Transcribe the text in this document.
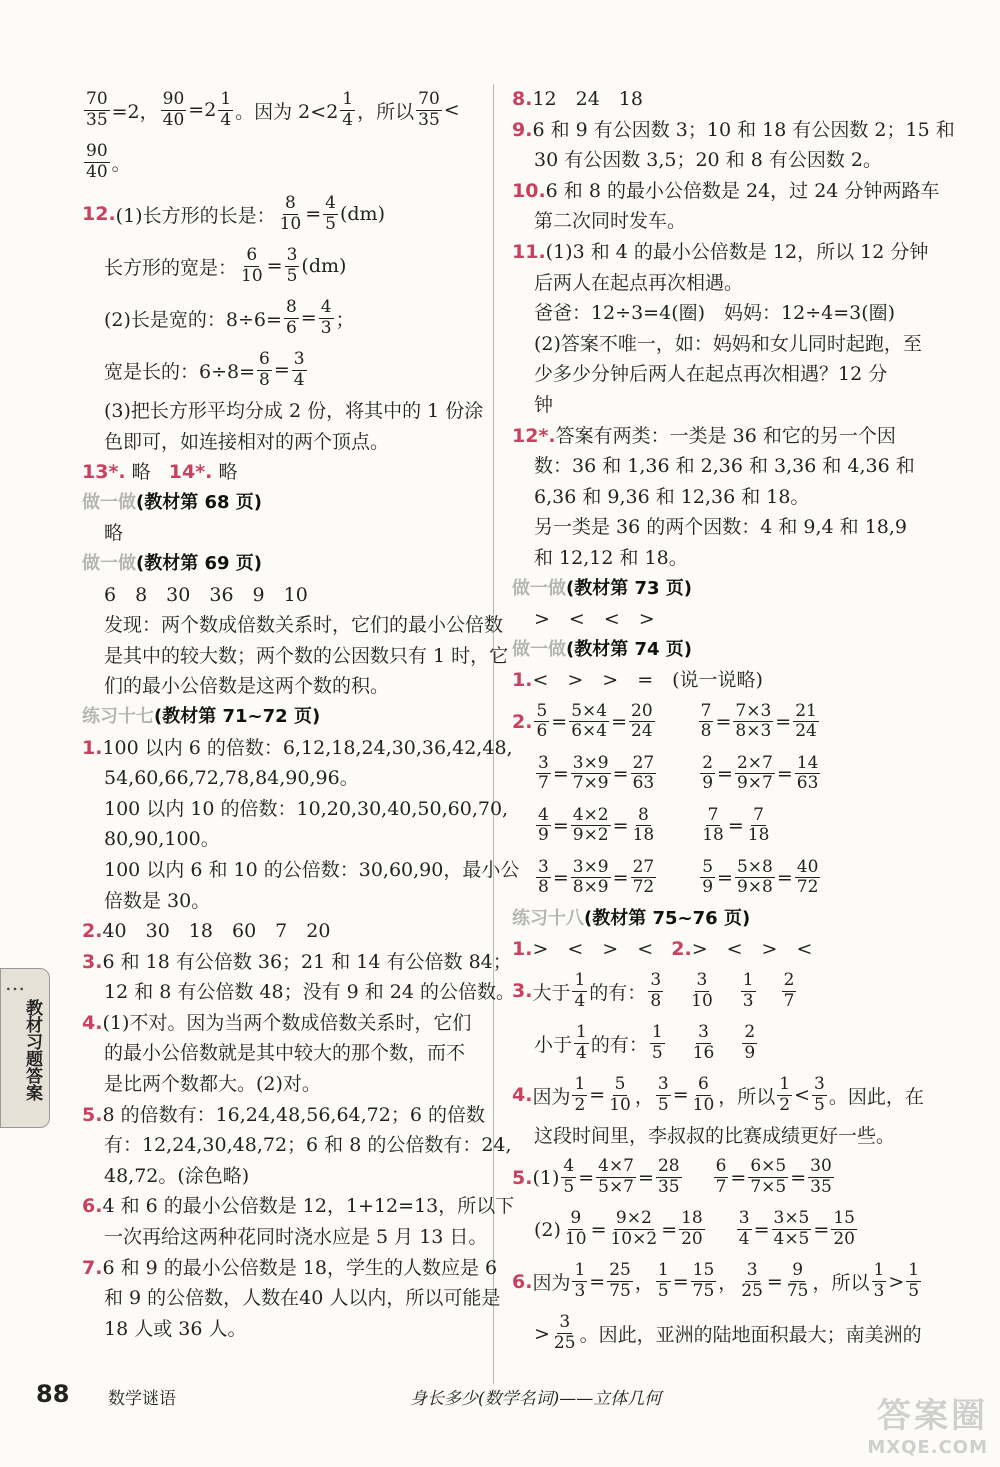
$\frac{70}{35} =2$， $\frac{90}{40} =2 \frac{1}{4}$ 。因为 $2<2 \frac{1}{4}$ ，所以 $\frac{70}{35}$ <
$\frac{90}{40}$ 。
12. (1)长方形的长是： $\frac{8}{10} = \frac{4}{5} (dm)$
长方形的宽是： $\frac{6}{10} = \frac{3}{5} (dm)$
(2)长是宽的：$8\div 6= \frac{8}{6} = \frac{4}{3}$ ；
宽是长的：$6\div 8= \frac{6}{8} = \frac{3}{4}$
(3)把长方形平均分成 2 份，将其中的 1 份涂
色即可，如连接相对的两个顶点。
13*. 略 14*. 略
做一做(教材第 68 页)
略
做一做(教材第 69 页)
6　8　30　36　9　10
发现：两个数成倍数关系时，它们的最小公倍数
是其中的较大数；两个数的公因数只有 1 时，它
们的最小公倍数是这两个数的积。
练习十七(教材第 71~72 页)
1.100 以内 6 的倍数：6,12,18,24,30,36,42,48,
54,60,66,72,78,84,90,96。
100 以内 10 的倍数：10,20,30,40,50,60,70,
80,90,100。
100 以内 6 和 10 的公倍数：30,60,90，最小公
倍数是 30。
2.40　30　18　60　7　20
3.6 和 18 有公倍数 36；21 和 14 有公倍数 84；
12 和 8 有公倍数 48；没有 9 和 24 的公倍数。
4.(1)不对。因为当两个数成倍数关系时，它们
的最小公倍数就是其中较大的那个数，而不
是比两个数都大。(2)对。
5.8 的倍数有：16,24,48,56,64,72；6 的倍数
有：12,24,30,48,72；6 和 8 的公倍数有：24,
48,72。(涂色略)
6.4 和 6 的最小公倍数是 12，1+12=13，所以下
一次再给这两种花同时浇水应是 5 月 13 日。
7.6 和 9 的最小公倍数是 18，学生的人数应是 6
和 9 的公倍数，人数在40 人以内，所以可能是
18 人或 36 人。
8.12　24　18
9.6 和 9 有公因数 3；10 和 18 有公因数 2；15 和
30 有公因数 3,5；20 和 8 有公因数 2。
10.6 和 8 的最小公倍数是 24，过 24 分钟两路车
第二次同时发车。
11.(1)3 和 4 的最小公倍数是 12，所以 12 分钟
后两人在起点再次相遇。
爸爸：12÷3=4(圈)　妈妈：12÷4=3(圈)
(2)答案不唯一，如：妈妈和女儿同时起跑，至
少多少分钟后两人在起点再次相遇？12 分
钟
12*.答案有两类：一类是 36 和它的另一个因
数：36 和 1,36 和 2,36 和 3,36 和 4,36 和
6,36 和 9,36 和 12,36 和 18。
另一类是 36 的两个因数：4 和 9,4 和 18,9
和 12,12 和 18。
做一做(教材第 73 页)
>　<　<　>
做一做(教材第 74 页)
1.<　>　>　=　(说一说略)
2. $\frac{5}{6} = \frac{5\times 4}{6\times 4} = \frac{20}{24}$	$\frac{7}{8} = \frac{7\times 3}{8\times 3} = \frac{21}{24}$
$\frac{3}{7} = \frac{3\times 9}{7\times 9} = \frac{27}{63}$	$\frac{2}{9} = \frac{2\times 7}{9\times 7} = \frac{14}{63}$
$\frac{4}{9} = \frac{4\times 2}{9\times 2} = \frac{8}{18}$	$\frac{7}{18} = \frac{7}{18}$
$\frac{3}{8} = \frac{3\times 9}{8\times 9} = \frac{27}{72}$	$\frac{5}{9} = \frac{5\times 8}{9\times 8} = \frac{40}{72}$
练习十八(教材第 75~76 页)
1.>　<　>　< 2.>　<　>　<
3. 大于 $\frac{1}{4}$ 的有： $\frac{3}{8} \frac{3}{10} \frac{1}{3} \frac{2}{7}$
小于 $\frac{1}{4}$ 的有： $\frac{1}{5} \frac{3}{16} \frac{2}{9}$
4. 因为 $\frac{1}{2} = \frac{5}{10}$ ， $\frac{3}{5} = \frac{6}{10}$ ，所以 $\frac{1}{2} < \frac{3}{5}$ 。因此，在
这段时间里，李叔叔的比赛成绩更好一些。
5. $(1) \frac{4}{5} = \frac{4\times 7}{5\times 7} = \frac{28}{35} \frac{6}{7} = \frac{6\times 5}{7\times 5} = \frac{30}{35}$
$(2) \frac{9}{10} = \frac{9\times 2}{10\times 2} = \frac{18}{20} \frac{3}{4} = \frac{3\times 5}{4\times 5} = \frac{15}{20}$
6. 因为 $\frac{1}{3} = \frac{25}{75}$ ， $\frac{1}{5} = \frac{15}{75}$ ， $\frac{3}{25} = \frac{9}{75}$ ，所以 $\frac{1}{3} > \frac{1}{5}$
> $\frac{3}{25}$ 。因此，亚洲的陆地面积最大；南美洲的
…
教材习题答案
88 数学谜语	身长多少(数学名词)——立体几何	答案圈
MXQE.COM
